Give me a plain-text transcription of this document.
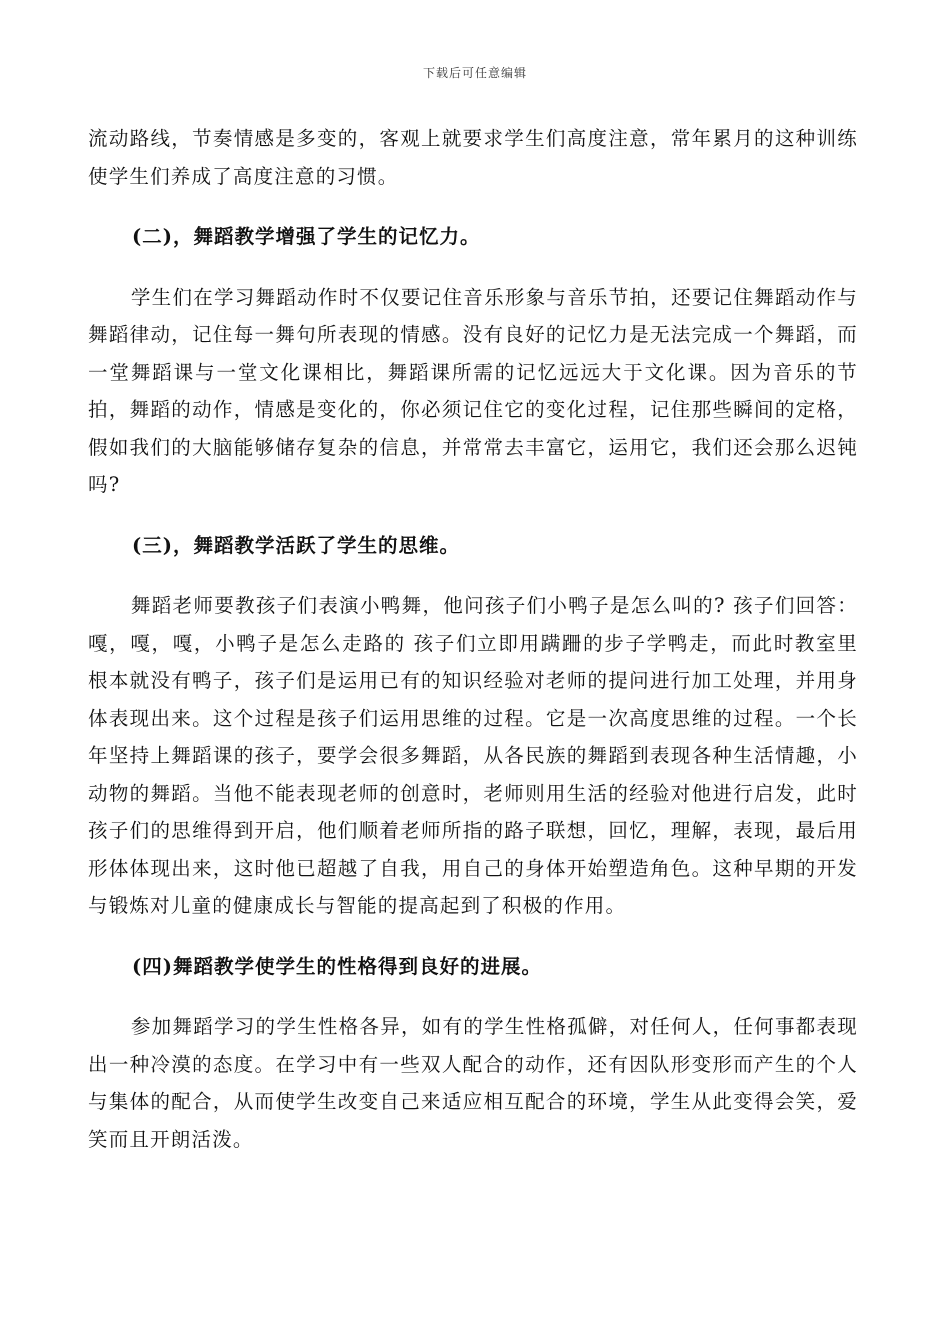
下载后可任意编辑

流动路线，节奏情感是多变的，客观上就要求学生们高度注意，常年累月的这种训练使学生们养成了高度注意的习惯。

(二)，舞蹈教学增强了学生的记忆力。

学生们在学习舞蹈动作时不仅要记住音乐形象与音乐节拍，还要记住舞蹈动作与舞蹈律动，记住每一舞句所表现的情感。没有良好的记忆力是无法完成一个舞蹈，而一堂舞蹈课与一堂文化课相比，舞蹈课所需的记忆远远大于文化课。因为音乐的节拍，舞蹈的动作，情感是变化的，你必须记住它的变化过程，记住那些瞬间的定格，假如我们的大脑能够储存复杂的信息，并常常去丰富它，运用它，我们还会那么迟钝吗?

(三)，舞蹈教学活跃了学生的思维。

舞蹈老师要教孩子们表演小鸭舞，他问孩子们小鸭子是怎么叫的? 孩子们回答：嘎，嘎，嘎，小鸭子是怎么走路的 孩子们立即用蹒跚的步子学鸭走，而此时教室里根本就没有鸭子，孩子们是运用已有的知识经验对老师的提问进行加工处理，并用身体表现出来。这个过程是孩子们运用思维的过程。它是一次高度思维的过程。一个长年坚持上舞蹈课的孩子，要学会很多舞蹈，从各民族的舞蹈到表现各种生活情趣，小动物的舞蹈。当他不能表现老师的创意时，老师则用生活的经验对他进行启发，此时孩子们的思维得到开启，他们顺着老师所指的路子联想，回忆，理解，表现，最后用形体体现出来，这时他已超越了自我，用自己的身体开始塑造角色。这种早期的开发与锻炼对儿童的健康成长与智能的提高起到了积极的作用。

(四)舞蹈教学使学生的性格得到良好的进展。

参加舞蹈学习的学生性格各异，如有的学生性格孤僻，对任何人，任何事都表现出一种冷漠的态度。在学习中有一些双人配合的动作，还有因队形变形而产生的个人与集体的配合，从而使学生改变自己来适应相互配合的环境，学生从此变得会笑，爱笑而且开朗活泼。
